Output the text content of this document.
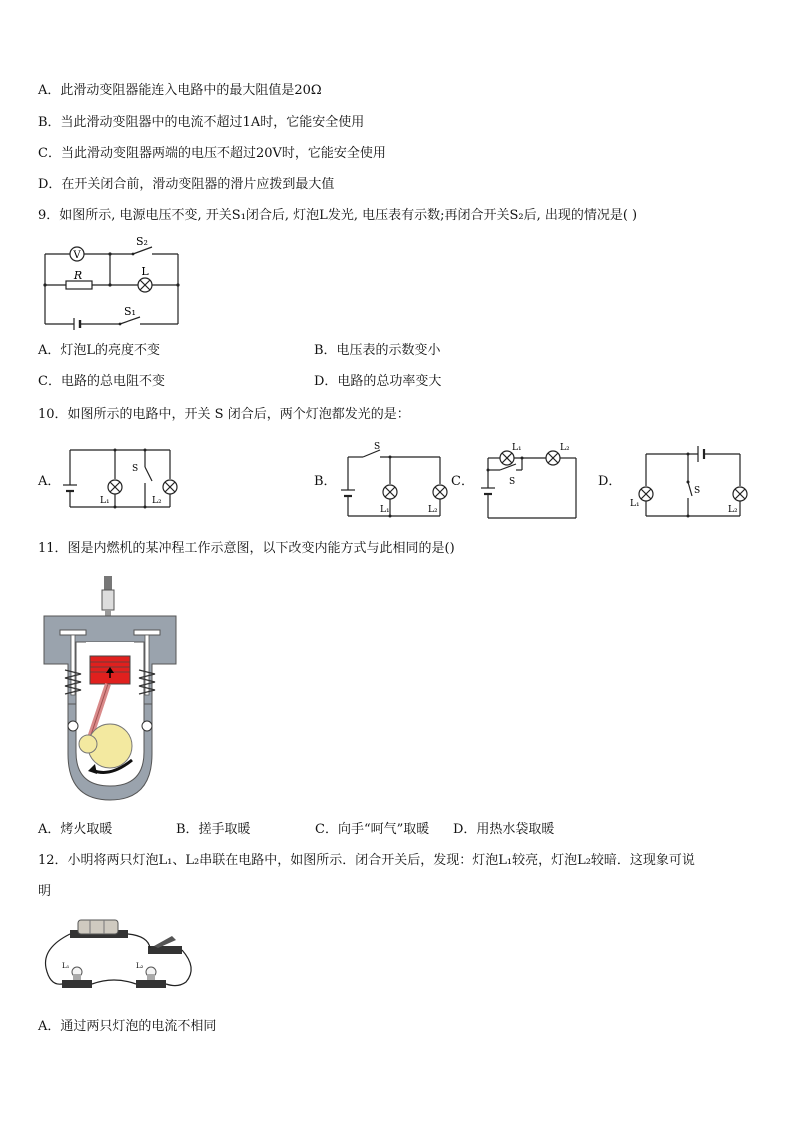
A．此滑动变阻器能连入电路中的最大阻值是20Ω
B．当此滑动变阻器中的电流不超过1A时，它能安全使用
C．当此滑动变阻器两端的电压不超过20V时，它能安全使用
D．在开关闭合前，滑动变阻器的滑片应拨到最大值
9．如图所示, 电源电压不变, 开关S₁闭合后, 灯泡L发光, 电压表有示数;再闭合开关S₂后, 出现的情况是( )
V
R	L
S₂
S₁
A．灯泡L的亮度不变	B．电压表的示数变小
C．电路的总电阻不变	D．电路的总功率变大
10．如图所示的电路中，开关 S 闭合后，两个灯泡都发光的是：
A．
S
L₁	L₂
B．
S
L₁	L₂
C．
L₁	L₂
S	D．
S
L₁
L₂
11．图是内燃机的某冲程工作示意图，以下改变内能方式与此相同的是()
A．烤火取暖	B．搓手取暖	C．向手“呵气”取暖 D．用热水袋取暖
12．小明将两只灯泡L₁、L₂串联在电路中，如图所示．闭合开关后，发现：灯泡L₁较亮，灯泡L₂较暗．这现象可说
明
L₁	L₂
A．通过两只灯泡的电流不相同
